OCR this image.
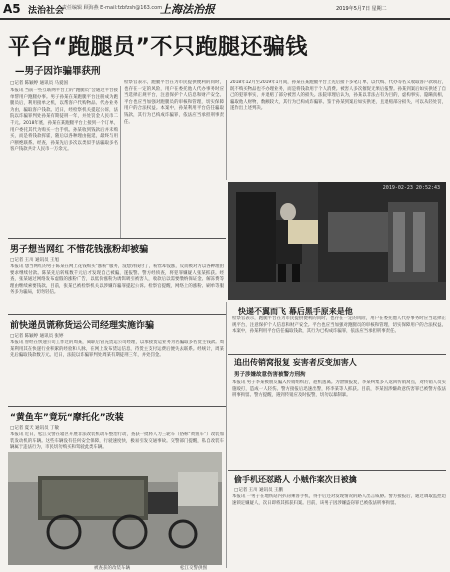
A5 法治社会
责任编辑 顾海燕 E-mail:fzbfzsh@163.com
上海法治报	2019年5月7日 星期二
平台“跑腿员”不只跑腿还骗钱
—男子因诈骗罪获刑
□记者 陈颖婷 通讯员 马爱国
本报讯 当前一些互联网平台上的“跑腿员”会通过平台接单帮用户跑腿办事。男子孙某在某跑腿平台注册成为跑腿员后，利用接单之机，以帮客户代购物品、代办业务为由，骗取客户钱款。近日，经检察机关提起公诉，法院以诈骗罪判处孙某有期徒刑一年，并处罚金人民币二千元。2018年底，孙某在某跑腿平台上接到一个订单，用户委托其代为购买一台手机。孙某收到钱款后并未购买，而是将钱款挥霍，随后以各种理由拖延，最终与用户断绝联系。经查，孙某先后多次以类似手法骗取多名客户钱款共计人民币一万余元。
检察官表示，跑腿平台在为市民提供便利的同时，也存在一定的风险，用户在委托他人代办事务时应当选择正规平台，注意保护个人信息和财产安全。平台也应当加强对跑腿员的审核和管理，切实保障用户的合法权益。本案中，孙某利用平台信任骗取钱款，其行为已构成诈骗罪，依法应当承担刑事责任。
2018年12月至2019年1月间，孙某在某跑腿平台上先后接下多笔订单，以代购、代办等名义收取客户款项后，既不购买物品也不办理业务，而是将钱款用于个人消费。被害人多次催促无果后报警。孙某到案后如实供述了自己的犯罪事实，并退赔了部分被害人的损失。法院审理后认为，孙某以非法占有为目的，虚构事实、隐瞒真相，骗取他人财物，数额较大，其行为已构成诈骗罪。鉴于孙某到案后如实供述，且退赔部分损失，可以从轻处罚，遂作出上述判决。
男子想当网红 不惜花钱涨粉却被骗
□记者 王川 通讯员 王旭
本报讯 想当网红的男子陈某在网上花钱购买“涨粉”服务，没想到钱付了，粉丝却没涨，反而被对方以各种理由要求继续付款。陈某先后转账数千元后才发现自己被骗，遂报警。警方经侦查，将犯罪嫌疑人张某抓获。经查，张某通过网络发布虚假的涨粉广告，以低价涨粉为诱饵吸引被害人，收款后以需要缴纳保证金、解冻费等理由继续索要钱款。目前，张某已被检察机关以涉嫌诈骗罪提起公诉。检察官提醒，网络上的涨粉、刷单等服务多为骗局，切勿轻信。
2019-02-23 20:52:43
快递不翼而飞 幕后黑手原来是他
前快递员谎称货运公司经理实施诈骗
□记者 陈颖婷 通讯员 张婷
本报讯 曾经在快递公司工作过的周某，离职后冒充货运公司经理，以承接货运业务为名骗取多名货主钱款。周某利用其在快递行业积累的经验和人脉，在网上发布货运信息，待货主支付运费后便失去联系。经统计，周某先后骗取钱款数万元。近日，法院以诈骗罪判处周某有期徒刑三年，并处罚金。
“黄鱼车”竟玩“摩托化”改装
□记者 夏天 通讯员 丁敏
本报讯 近日，松江交警在辖区开展非法改装机动车整治行动，查获一批将人力三轮车（俗称“黄鱼车”）改装加装发动机的车辆。这些车辆没有任何安全保障，行驶速度快，极易引发交通事故。交警部门提醒，私自改装车辆属于违法行为，市民切勿购买和驾驶此类车辆。
被查获的改装车辆	松江交警供图
检察官表示，跑腿平台在为市民提供便利的同时，也存在一定的风险，用户在委托他人代办事务时应当选择正规平台，注意保护个人信息和财产安全。平台也应当加强对跑腿员的审核和管理，切实保障用户的合法权益。本案中，孙某利用平台信任骗取钱款，其行为已构成诈骗罪，依法应当承担刑事责任。
追出传销窝报复 妄害者反变加害人
男子涉嫌故意伤害被警方刑拘
本报讯 男子李某被朋友骗入传销组织后，趁机逃离。为泄愤报复，李某纠集多人返回传销窝点，对传销人员实施殴打，造成一人轻伤。警方接报后迅速出警，将李某等人抓获。目前，李某因涉嫌故意伤害罪已被警方依法刑事拘留。警方提醒，遇到传销应及时报警，切勿以暴制暴。
偷手机还怼路人 小贼作案次日被擒
□记者 王川 通讯员 王鹏
本报讯 一男子在地铁站内扒窃乘客手机，得手后还对发现情况的路人出言威胁。警方接报后，通过调取监控迅速锁定嫌疑人，次日即将其抓获归案。目前，该男子因涉嫌盗窃罪已被依法刑事拘留。
